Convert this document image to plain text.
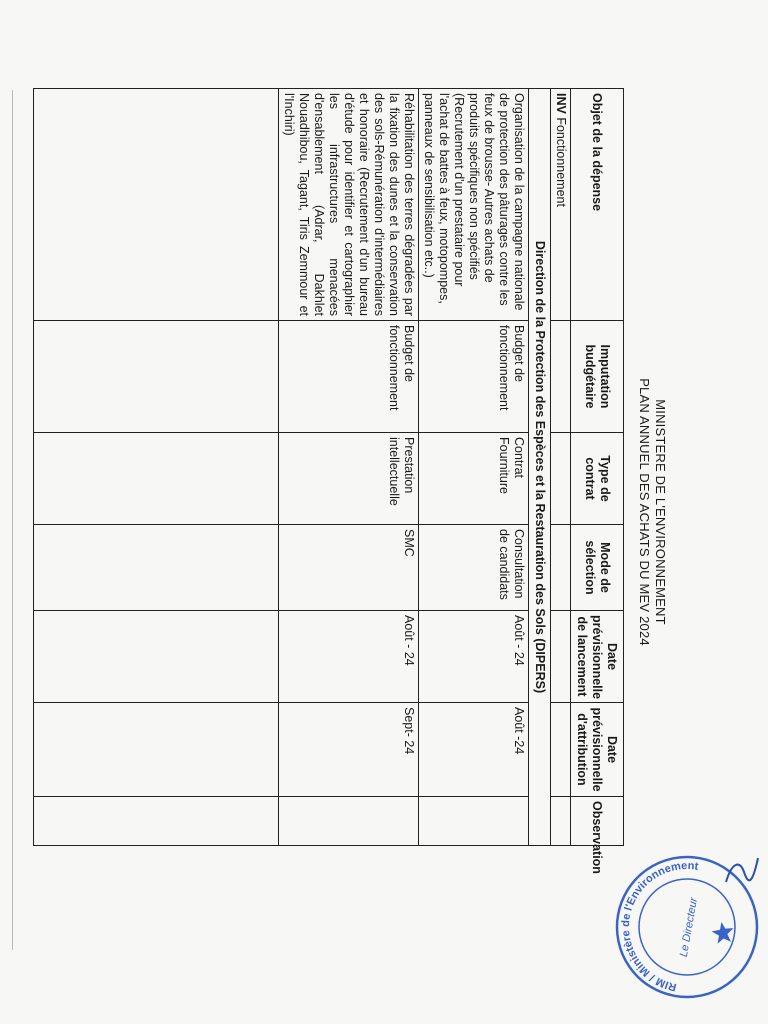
MINISTERE DE L'ENVIRONNEMENT
PLAN ANNUEL DES ACHATS DU MEV 2024
Objet de la dépense	Imputation budgétaire	Type de contrat	Mode de sélection	Date prévisionnelle de lancement	Date prévisionnelle d'attribution	Observation
INV Fonctionnement						
Direction de la Protection des Espèces et la Restauration des Sols (DIPERS)						
Organisation de la campagne nationale de protection des pâturages contre les feux de brousse- Autres achats de produits spécifiques non spécifiés (Recrutement d'un prestataire pour l'achat de battes à feux, motopompes, panneaux de sensibilisation etc..)	Budget de fonctionnement	Contrat Fourniture	Consultation de candidats	Août - 24	Août -24	
Réhabilitation des terres dégradées par la fixation des dunes et la conservation des sols-Rémunération d'intermédiaires et honoraire (Recrutement d'un bureau d'étude pour identifier et cartographier les infrastructures menacées d'ensablement (Adrar, Dakhlet Nouadhibou, Tagant, Tiris Zemmour et l'Inchiri)	Budget de fonctionnement	Prestation intellectuelle	SMC	Août - 24	Sept- 24	

RIM / Ministère de l'Environnement
Le Directeur
